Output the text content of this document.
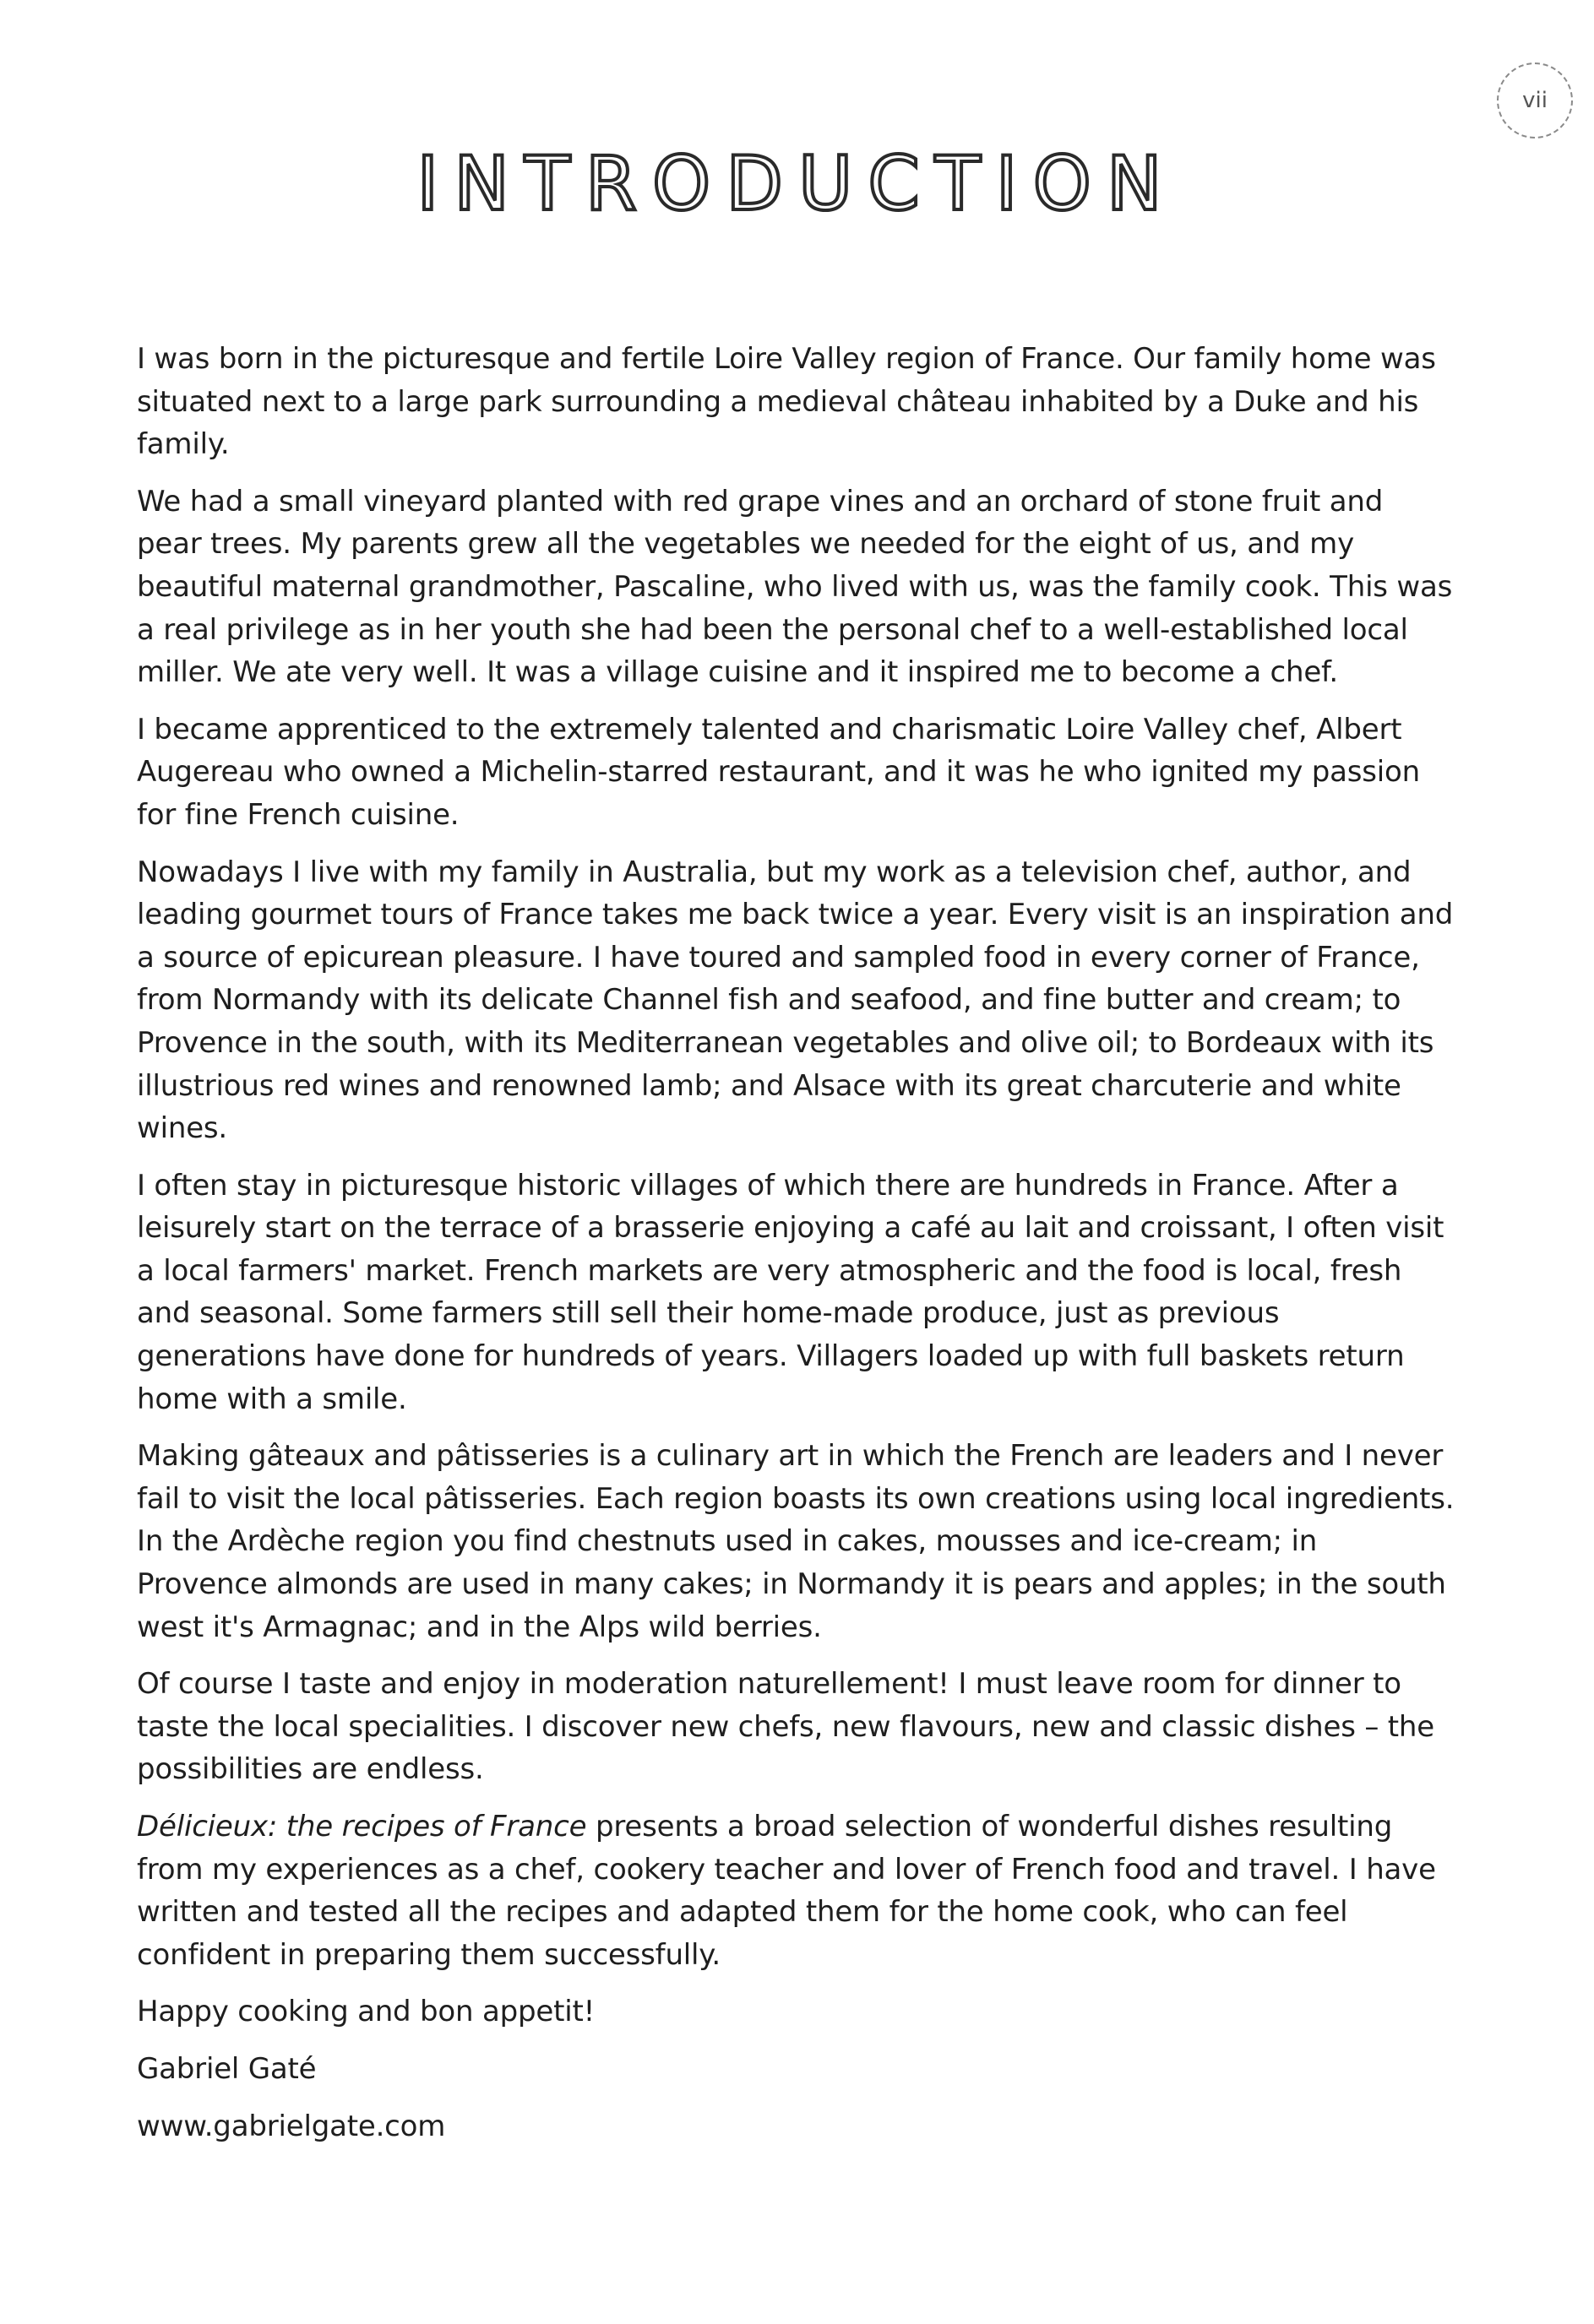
vii
INTRODUCTION

I was born in the picturesque and fertile Loire Valley region of France. Our family home was situated next to a large park surrounding a medieval château inhabited by a Duke and his family.

We had a small vineyard planted with red grape vines and an orchard of stone fruit and pear trees. My parents grew all the vegetables we needed for the eight of us, and my beautiful maternal grandmother, Pascaline, who lived with us, was the family cook. This was a real privilege as in her youth she had been the personal chef to a well-established local miller. We ate very well. It was a village cuisine and it inspired me to become a chef.

I became apprenticed to the extremely talented and charismatic Loire Valley chef, Albert Augereau who owned a Michelin-starred restaurant, and it was he who ignited my passion for fine French cuisine.

Nowadays I live with my family in Australia, but my work as a television chef, author, and leading gourmet tours of France takes me back twice a year. Every visit is an inspiration and a source of epicurean pleasure. I have toured and sampled food in every corner of France, from Normandy with its delicate Channel fish and seafood, and fine butter and cream; to Provence in the south, with its Mediterranean vegetables and olive oil; to Bordeaux with its illustrious red wines and renowned lamb; and Alsace with its great charcuterie and white wines.

I often stay in picturesque historic villages of which there are hundreds in France. After a leisurely start on the terrace of a brasserie enjoying a café au lait and croissant, I often visit a local farmers' market. French markets are very atmospheric and the food is local, fresh and seasonal. Some farmers still sell their home-made produce, just as previous generations have done for hundreds of years. Villagers loaded up with full baskets return home with a smile.

Making gâteaux and pâtisseries is a culinary art in which the French are leaders and I never fail to visit the local pâtisseries. Each region boasts its own creations using local ingredients. In the Ardèche region you find chestnuts used in cakes, mousses and ice-cream; in Provence almonds are used in many cakes; in Normandy it is pears and apples; in the south west it's Armagnac; and in the Alps wild berries.

Of course I taste and enjoy in moderation naturellement! I must leave room for dinner to taste the local specialities. I discover new chefs, new flavours, new and classic dishes – the possibilities are endless.

Délicieux: the recipes of France presents a broad selection of wonderful dishes resulting from my experiences as a chef, cookery teacher and lover of French food and travel. I have written and tested all the recipes and adapted them for the home cook, who can feel confident in preparing them successfully.

Happy cooking and bon appetit!

Gabriel Gaté

www.gabrielgate.com
